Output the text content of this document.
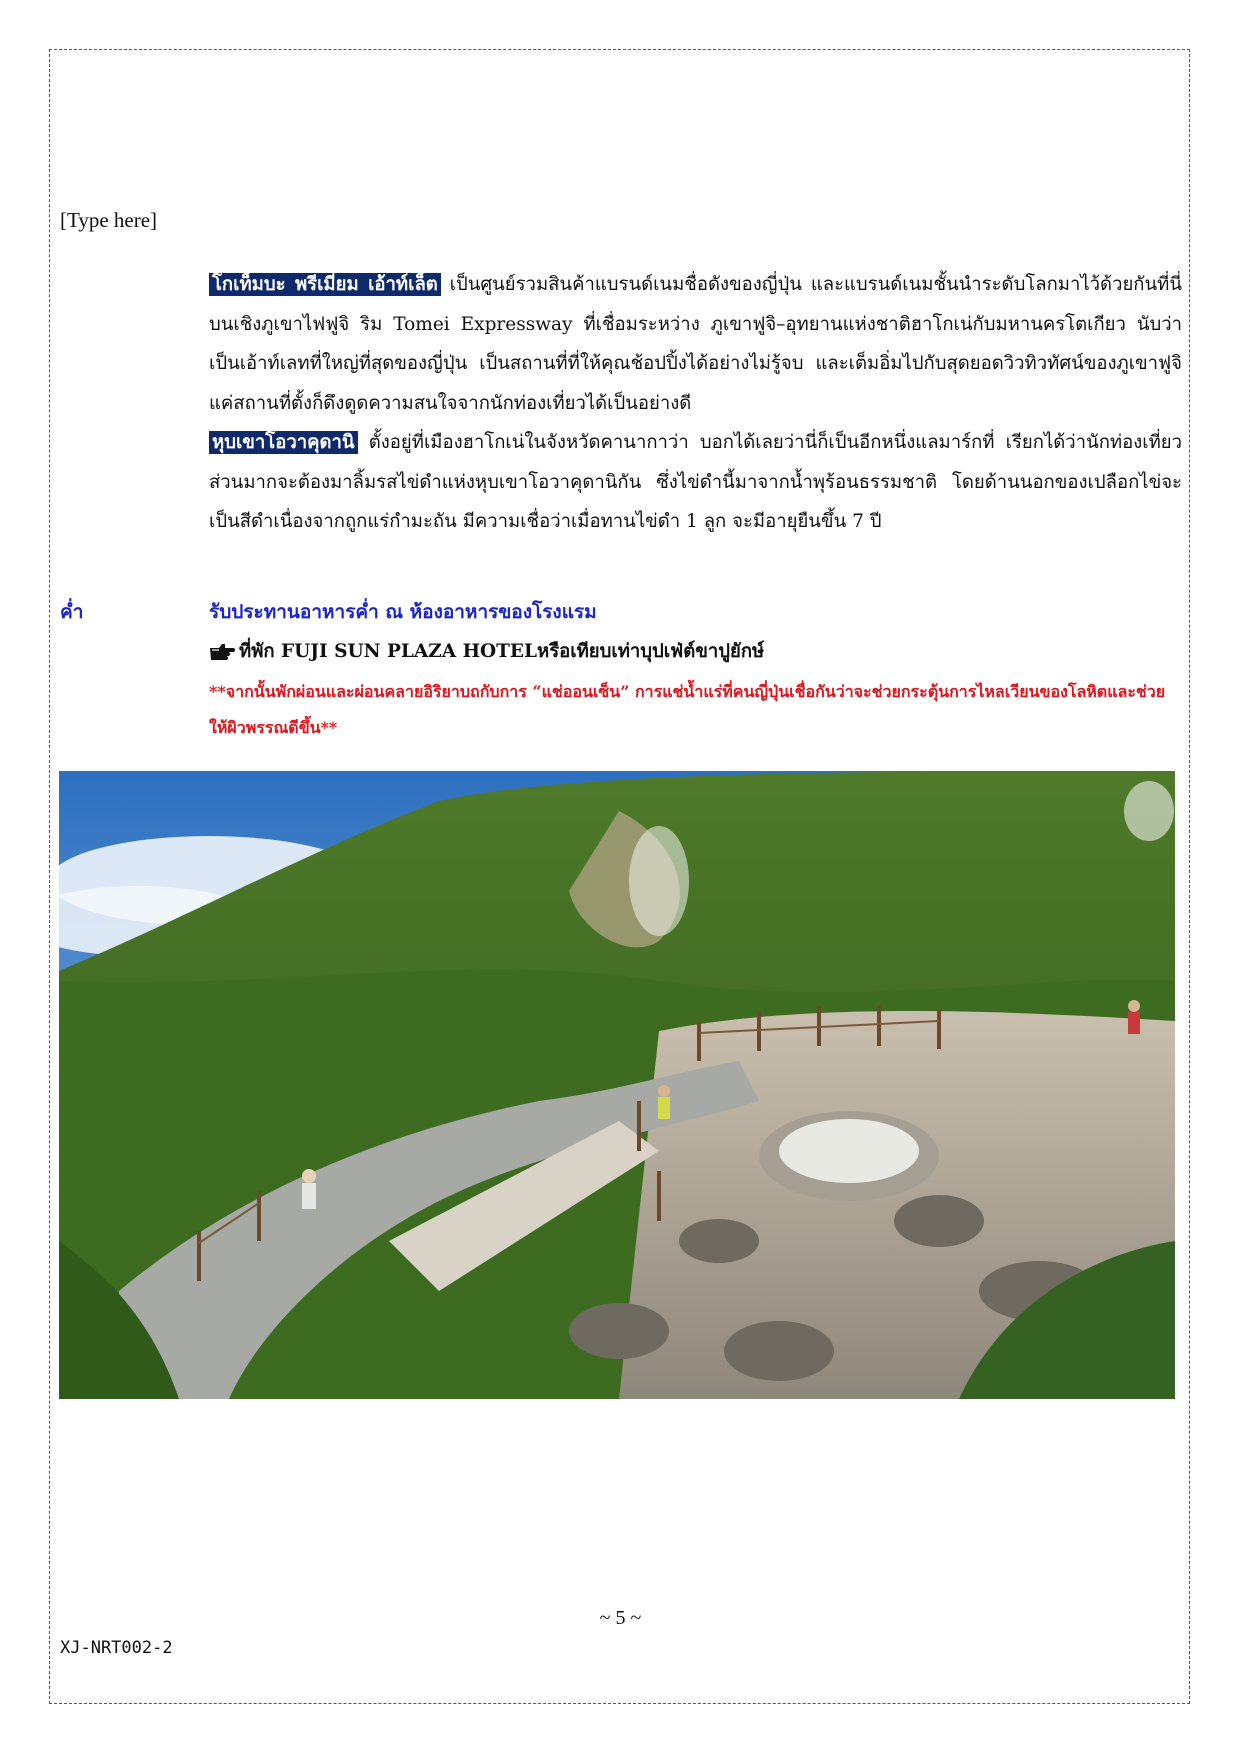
[Type here]
โกเท็มบะ พรีเมี่ยม เอ้าท์เล็ต เป็นศูนย์รวมสินค้าแบรนด์เนมชื่อดังของญี่ปุ่น และแบรนด์เนมชั้นนำระดับโลกมาไว้ด้วยกันที่นี่ บนเชิงภูเขาไฟฟูจิ ริม Tomei Expressway ที่เชื่อมระหว่าง ภูเขาฟูจิ–อุทยานแห่งชาติฮาโกเน่กับมหานครโตเกียว นับว่าเป็นเอ้าท์เลทที่ใหญ่ที่สุดของญี่ปุ่น เป็นสถานที่ที่ให้คุณช้อปปิ้งได้อย่างไม่รู้จบ และเต็มอิ่มไปกับสุดยอดวิวทิวทัศน์ของภูเขาฟูจิ แค่สถานที่ตั้งก็ดึงดูดความสนใจจากนักท่องเที่ยวได้เป็นอย่างดี
หุบเขาโอวาคุดานิ ตั้งอยู่ที่เมืองฮาโกเน่ในจังหวัดคานากาว่า บอกได้เลยว่านี่ก็เป็นอีกหนึ่งแลมาร์กที่ เรียกได้ว่านักท่องเที่ยวส่วนมากจะต้องมาลิ้มรสไข่ดำแห่งหุบเขาโอวาคุดานิกัน ซึ่งไข่ดำนี้มาจากน้ำพุร้อนธรรมชาติ โดยด้านนอกของเปลือกไข่จะเป็นสีดำเนื่องจากถูกแร่กำมะถัน มีความเชื่อว่าเมื่อทานไข่ดำ 1 ลูก จะมีอายุยืนขึ้น 7 ปี
ค่ำ	รับประทานอาหารค่ำ ณ ห้องอาหารของโรงแรม
ที่พัก FUJI SUN PLAZA HOTELหรือเทียบเท่าบุปเฟ่ต์ขาปูยักษ์
**จากนั้นพักผ่อนและผ่อนคลายอิริยาบถกับการ “แช่ออนเซ็น” การแช่น้ำแร่ที่คนญี่ปุ่นเชื่อกันว่าจะช่วยกระตุ้นการไหลเวียนของโลหิตและช่วยให้ผิวพรรณดีขึ้น**
~ 5 ~
XJ-NRT002-2
